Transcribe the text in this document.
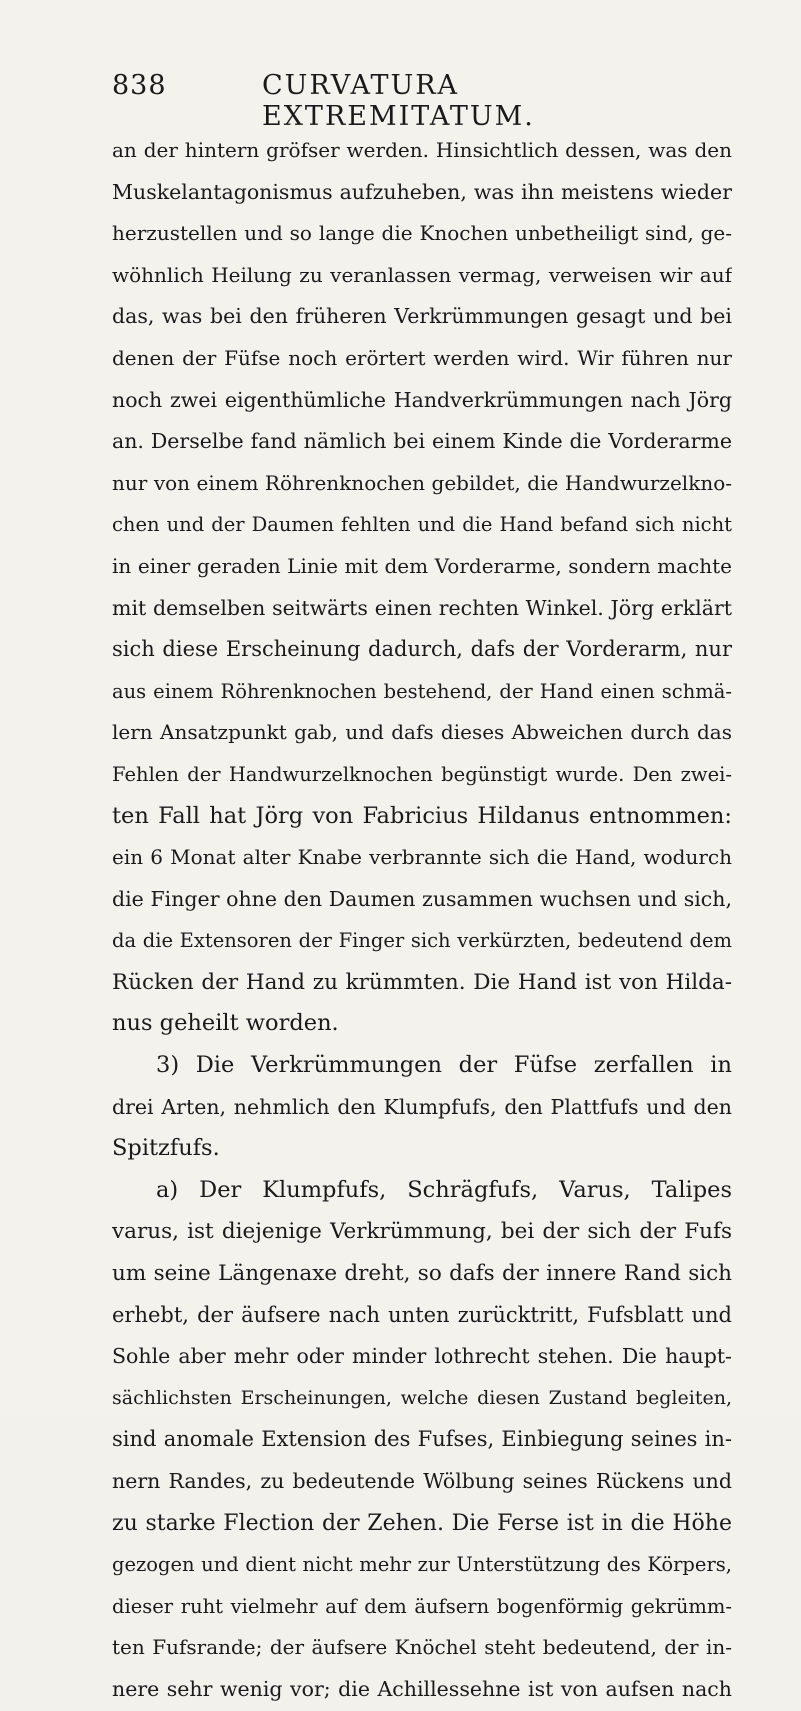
838	CURVATURA EXTREMITATUM.
an der hintern gröfser werden. Hinsichtlich dessen, was den
Muskelantagonismus aufzuheben, was ihn meistens wieder
herzustellen und so lange die Knochen unbetheiligt sind, ge-
wöhnlich Heilung zu veranlassen vermag, verweisen wir auf
das, was bei den früheren Verkrümmungen gesagt und bei
denen der Füfse noch erörtert werden wird. Wir führen nur
noch zwei eigenthümliche Handverkrümmungen nach Jörg
an. Derselbe fand nämlich bei einem Kinde die Vorderarme
nur von einem Röhrenknochen gebildet, die Handwurzelkno-
chen und der Daumen fehlten und die Hand befand sich nicht
in einer geraden Linie mit dem Vorderarme, sondern machte
mit demselben seitwärts einen rechten Winkel. Jörg erklärt
sich diese Erscheinung dadurch, dafs der Vorderarm, nur
aus einem Röhrenknochen bestehend, der Hand einen schmä-
lern Ansatzpunkt gab, und dafs dieses Abweichen durch das
Fehlen der Handwurzelknochen begünstigt wurde. Den zwei-
ten Fall hat Jörg von Fabricius Hildanus entnommen:
ein 6 Monat alter Knabe verbrannte sich die Hand, wodurch
die Finger ohne den Daumen zusammen wuchsen und sich,
da die Extensoren der Finger sich verkürzten, bedeutend dem
Rücken der Hand zu krümmten. Die Hand ist von Hilda-
nus geheilt worden.
3) Die Verkrümmungen der Füfse zerfallen in
drei Arten, nehmlich den Klumpfufs, den Plattfufs und den
Spitzfufs.
a) Der Klumpfufs, Schrägfufs, Varus, Talipes
varus, ist diejenige Verkrümmung, bei der sich der Fufs
um seine Längenaxe dreht, so dafs der innere Rand sich
erhebt, der äufsere nach unten zurücktritt, Fufsblatt und
Sohle aber mehr oder minder lothrecht stehen. Die haupt-
sächlichsten Erscheinungen, welche diesen Zustand begleiten,
sind anomale Extension des Fufses, Einbiegung seines in-
nern Randes, zu bedeutende Wölbung seines Rückens und
zu starke Flection der Zehen. Die Ferse ist in die Höhe
gezogen und dient nicht mehr zur Unterstützung des Körpers,
dieser ruht vielmehr auf dem äufsern bogenförmig gekrümm-
ten Fufsrande; der äufsere Knöchel steht bedeutend, der in-
nere sehr wenig vor; die Achillessehne ist von aufsen nach
